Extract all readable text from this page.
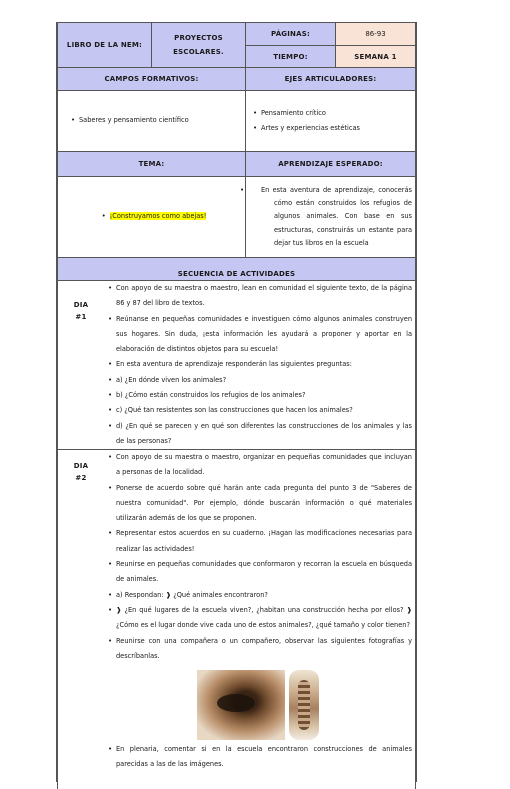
LIBRO DE LA NEM:
PROYECTOS ESCOLARES.
PÁGINAS:	86-93
TIEMPO:	SEMANA 1
CAMPOS FORMATIVOS:	EJES ARTICULADORES:
• Saberes y pensamiento científico
• Pensamiento crítico
• Artes y experiencias estéticas
TEMA:	APRENDIZAJE ESPERADO:
• ¡Construyamos como abejas!
• En esta aventura de aprendizaje, conocerás cómo están construidos los refugios de algunos animales. Con base en sus estructuras, construirás un estante para dejar tus libros en la escuela
SECUENCIA DE ACTIVIDADES
DIA #1
• Con apoyo de su maestra o maestro, lean en comunidad el siguiente texto, de la página 86 y 87 del libro de textos.
• Reúnanse en pequeñas comunidades e investiguen cómo algunos animales construyen sus hogares. Sin duda, ¡esta información les ayudará a proponer y aportar en la elaboración de distintos objetos para su escuela!
• En esta aventura de aprendizaje responderán las siguientes preguntas:
• a) ¿En dónde viven los animales?
• b) ¿Cómo están construidos los refugios de los animales?
• c) ¿Qué tan resistentes son las construcciones que hacen los animales?
• d) ¿En qué se parecen y en qué son diferentes las construcciones de los animales y las de las personas?
DIA #2
• Con apoyo de su maestra o maestro, organizar en pequeñas comunidades que incluyan a personas de la localidad.
• Ponerse de acuerdo sobre qué harán ante cada pregunta del punto 3 de "Saberes de nuestra comunidad". Por ejemplo, dónde buscarán información o qué materiales utilizarán además de los que se proponen.
• Representar estos acuerdos en su cuaderno. ¡Hagan las modificaciones necesarias para realizar las actividades!
• Reunirse en pequeñas comunidades que conformaron y recorran la escuela en búsqueda de animales.
• a) Respondan: ❱ ¿Qué animales encontraron?
• ❱ ¿En qué lugares de la escuela viven?, ¿habitan una construcción hecha por ellos? ❱ ¿Cómo es el lugar donde vive cada uno de estos animales?, ¿qué tamaño y color tienen?
• Reunirse con una compañera o un compañero, observar las siguientes fotografías y descríbanlas.
• En plenaria, comentar si en la escuela encontraron construcciones de animales parecidas a las de las imágenes.
